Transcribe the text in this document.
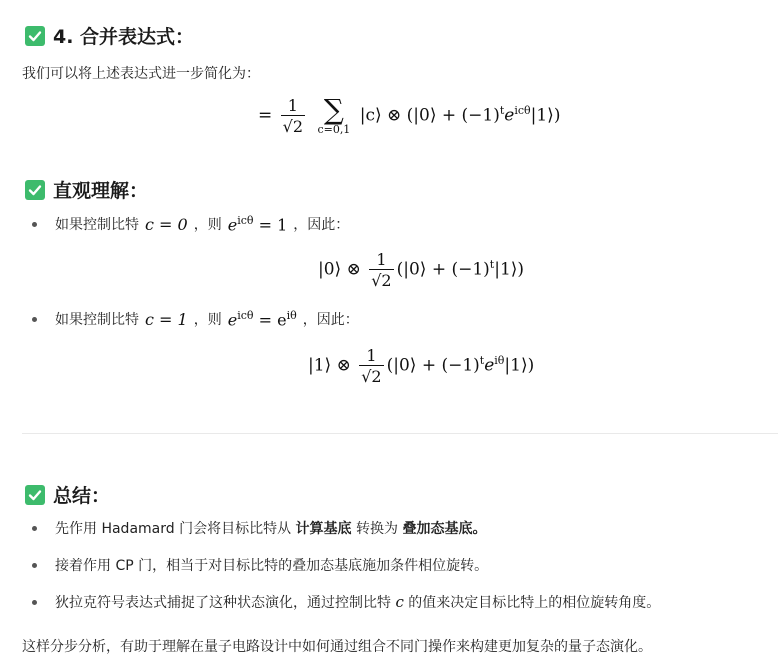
4. 合并表达式：
我们可以将上述表达式进一步简化为：
= $\frac{1}{√2}$
∑
c=0,1
|c⟩ ⊗ (|0⟩ + $(-1)^te^{ic\theta}|1⟩$)
直观理解：
如果控制比特 c = 0 ，则 $e^{ic\theta} = 1$ ，因此：
|0⟩ ⊗ $\frac{1}{√2}$ (|0⟩ + $(-1)^t|1⟩$)
如果控制比特 c = 1 ，则 $e^{ic\theta} = e^{i\theta}$ ，因此：
|1⟩ ⊗ $\frac{1}{√2}$ (|0⟩ + $(-1)^te^{i\theta}|1⟩$)
总结：
先作用 Hadamard 门会将目标比特从 计算基底 转换为 叠加态基底。
接着作用 CP 门，相当于对目标比特的叠加态基底施加条件相位旋转。
狄拉克符号表达式捕捉了这种状态演化，通过控制比特 c 的值来决定目标比特上的相位旋转角度。
这样分步分析，有助于理解在量子电路设计中如何通过组合不同门操作来构建更加复杂的量子态演化。
